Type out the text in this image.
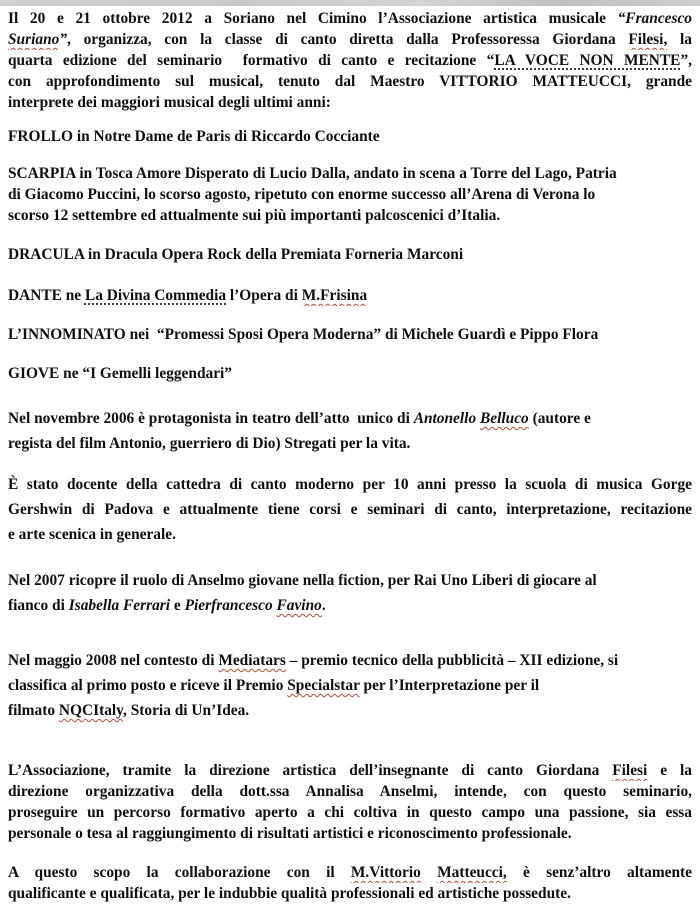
Il 20 e 21 ottobre 2012 a Soriano nel Cimino l’Associazione artistica musicale “Francesco
Suriano”, organizza, con la classe di canto diretta dalla Professoressa Giordana Filesi, la
quarta edizione del seminario  formativo di canto e recitazione “LA VOCE NON MENTE”,
con approfondimento sul musical, tenuto dal Maestro VITTORIO MATTEUCCI, grande
interprete dei maggiori musical degli ultimi anni:
FROLLO in Notre Dame de Paris di Riccardo Cocciante
SCARPIA in Tosca Amore Disperato di Lucio Dalla, andato in scena a Torre del Lago, Patria
di Giacomo Puccini, lo scorso agosto, ripetuto con enorme successo all’Arena di Verona lo
scorso 12 settembre ed attualmente sui più importanti palcoscenici d’Italia.
DRACULA in Dracula Opera Rock della Premiata Forneria Marconi
DANTE ne La Divina Commedia l’Opera di M.Frisina
L’INNOMINATO nei  “Promessi Sposi Opera Moderna” di Michele Guardì e Pippo Flora
GIOVE ne “I Gemelli leggendari”
Nel novembre 2006 è protagonista in teatro dell’atto  unico di Antonello Belluco (autore e
regista del film Antonio, guerriero di Dio) Stregati per la vita.
È stato docente della cattedra di canto moderno per 10 anni presso la scuola di musica Gorge
Gershwin di Padova e attualmente tiene corsi e seminari di canto, interpretazione, recitazione
e arte scenica in generale.
Nel 2007 ricopre il ruolo di Anselmo giovane nella fiction, per Rai Uno Liberi di giocare al
fianco di Isabella Ferrari e Pierfrancesco Favino.
Nel maggio 2008 nel contesto di Mediatars – premio tecnico della pubblicità – XII edizione, si
classifica al primo posto e riceve il Premio Specialstar per l’Interpretazione per il
filmato NQCItaly, Storia di Un’Idea.
L’Associazione, tramite la direzione artistica dell’insegnante di canto Giordana Filesi e la
direzione organizzativa della dott.ssa Annalisa Anselmi, intende, con questo seminario,
proseguire un percorso formativo aperto a chi coltiva in questo campo una passione, sia essa
personale o tesa al raggiungimento di risultati artistici e riconoscimento professionale.
A questo scopo la collaborazione con il M.Vittorio Matteucci, è senz’altro altamente
qualificante e qualificata, per le indubbie qualità professionali ed artistiche possedute.
